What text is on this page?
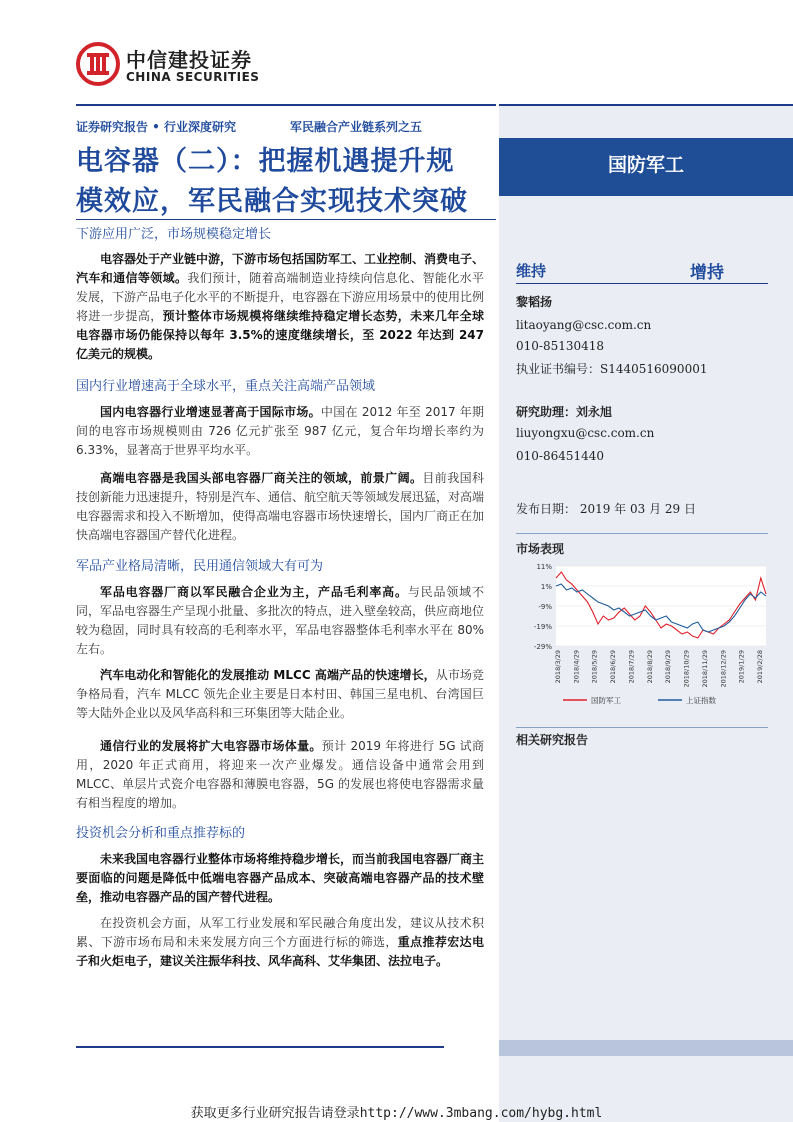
中信建投证券
CHINA SECURITIES
证券研究报告 • 行业深度研究	军民融合产业链系列之五
电容器（二）：把握机遇提升规
模效应，军民融合实现技术突破
国防军工
维持	增持
黎韬扬
litaoyang@csc.com.cn
010-85130418
执业证书编号：S1440516090001
研究助理：刘永旭
liuyongxu@csc.com.cn
010-86451440
发布日期： 2019 年 03 月 29 日
市场表现
11%
1%
-9%
-19%
-29%
2018/3/29 2018/4/29 2018/5/29 2018/6/29 2018/7/29 2018/8/29 2018/9/29 2018/10/29 2018/11/29 2018/12/29 2019/1/29 2019/2/28
国防军工	上证指数
相关研究报告
下游应用广泛，市场规模稳定增长
电容器处于产业链中游，下游市场包括国防军工、工业控制、消费电子、汽车和通信等领域。我们预计，随着高端制造业持续向信息化、智能化水平发展，下游产品电子化水平的不断提升，电容器在下游应用场景中的使用比例将进一步提高，预计整体市场规模将继续维持稳定增长态势，未来几年全球电容器市场仍能保持以每年 3.5%的速度继续增长，至 2022 年达到 247 亿美元的规模。
国内行业增速高于全球水平，重点关注高端产品领域
国内电容器行业增速显著高于国际市场。中国在 2012 年至 2017 年期间的电容市场规模则由 726 亿元扩张至 987 亿元，复合年均增长率约为 6.33%，显著高于世界平均水平。
高端电容器是我国头部电容器厂商关注的领域，前景广阔。目前我国科技创新能力迅速提升，特别是汽车、通信、航空航天等领域发展迅猛，对高端电容器需求和投入不断增加，使得高端电容器市场快速增长，国内厂商正在加快高端电容器国产替代化进程。
军品产业格局清晰，民用通信领域大有可为
军品电容器厂商以军民融合企业为主，产品毛利率高。与民品领域不同，军品电容器生产呈现小批量、多批次的特点，进入壁垒较高，供应商地位较为稳固，同时具有较高的毛利率水平，军品电容器整体毛利率水平在 80%左右。
汽车电动化和智能化的发展推动 MLCC 高端产品的快速增长，从市场竞争格局看，汽车 MLCC 领先企业主要是日本村田、韩国三星电机、台湾国巨等大陆外企业以及风华高科和三环集团等大陆企业。
通信行业的发展将扩大电容器市场体量。预计 2019 年将进行 5G 试商用，2020 年正式商用，将迎来一次产业爆发。通信设备中通常会用到 MLCC、单层片式瓷介电容器和薄膜电容器，5G 的发展也将使电容器需求量有相当程度的增加。
投资机会分析和重点推荐标的
未来我国电容器行业整体市场将维持稳步增长，而当前我国电容器厂商主要面临的问题是降低中低端电容器产品成本、突破高端电容器产品的技术壁垒，推动电容器产品的国产替代进程。
在投资机会方面，从军工行业发展和军民融合角度出发，建议从技术积累、下游市场布局和未来发展方向三个方面进行标的筛选，重点推荐宏达电子和火炬电子，建议关注振华科技、风华高科、艾华集团、法拉电子。
获取更多行业研究报告请登录http://www.3mbang.com/hybg.html
